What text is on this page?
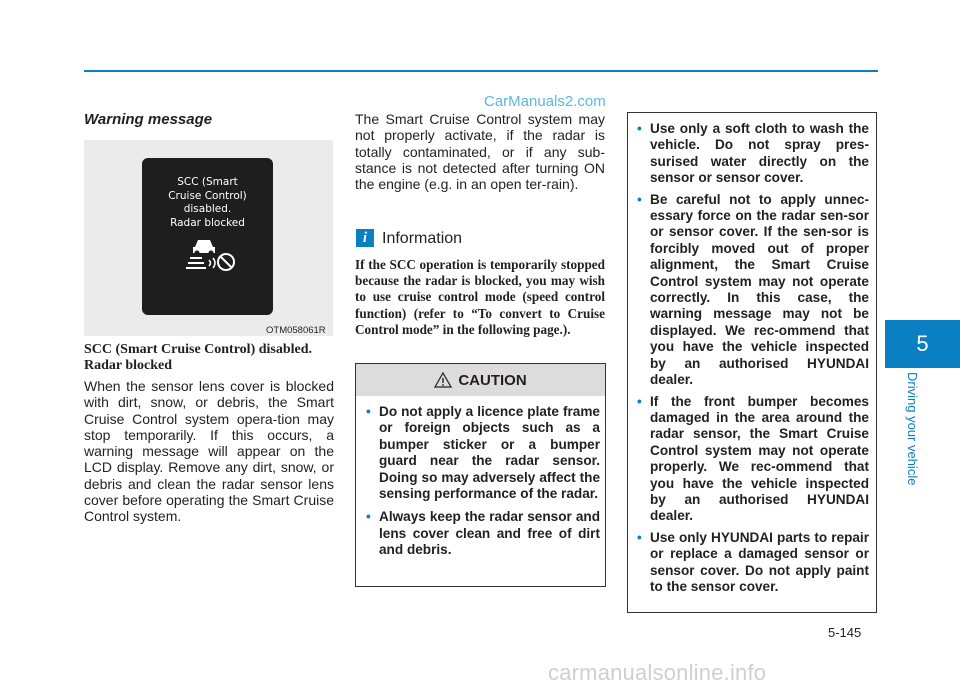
CarManuals2.com
5
Driving your vehicle
Warning message
SCC (Smart
Cruise Control)
disabled.
Radar blocked
OTM058061R
SCC (Smart Cruise Control) disabled. Radar blocked
When the sensor lens cover is blocked with dirt, snow, or debris, the Smart Cruise Control system opera-tion may stop temporarily. If this occurs, a warning message will appear on the LCD display. Remove any dirt, snow, or debris and clean the radar sensor lens cover before operating the Smart Cruise Control system.
The Smart Cruise Control system may not properly activate, if the radar is totally contaminated, or if any sub-stance is not detected after turning ON the engine (e.g. in an open ter-rain).
i Information
If the SCC operation is temporarily stopped because the radar is blocked, you may wish to use cruise control mode (speed control function) (refer to “To convert to Cruise Control mode” in the following page.).
CAUTION
• Do not apply a licence plate frame or foreign objects such as a bumper sticker or a bumper guard near the radar sensor. Doing so may adversely affect the sensing performance of the radar.
• Always keep the radar sensor and lens cover clean and free of dirt and debris.
• Use only a soft cloth to wash the vehicle. Do not spray pres-surised water directly on the sensor or sensor cover.
• Be careful not to apply unnec-essary force on the radar sen-sor or sensor cover. If the sen-sor is forcibly moved out of proper alignment, the Smart Cruise Control system may not operate correctly. In this case, the warning message may not be displayed. We rec-ommend that you have the vehicle inspected by an authorised HYUNDAI dealer.
• If the front bumper becomes damaged in the area around the radar sensor, the Smart Cruise Control system may not operate properly. We rec-ommend that you have the vehicle inspected by an authorised HYUNDAI dealer.
• Use only HYUNDAI parts to repair or replace a damaged sensor or sensor cover. Do not apply paint to the sensor cover.
5-145
carmanualsonline.info
